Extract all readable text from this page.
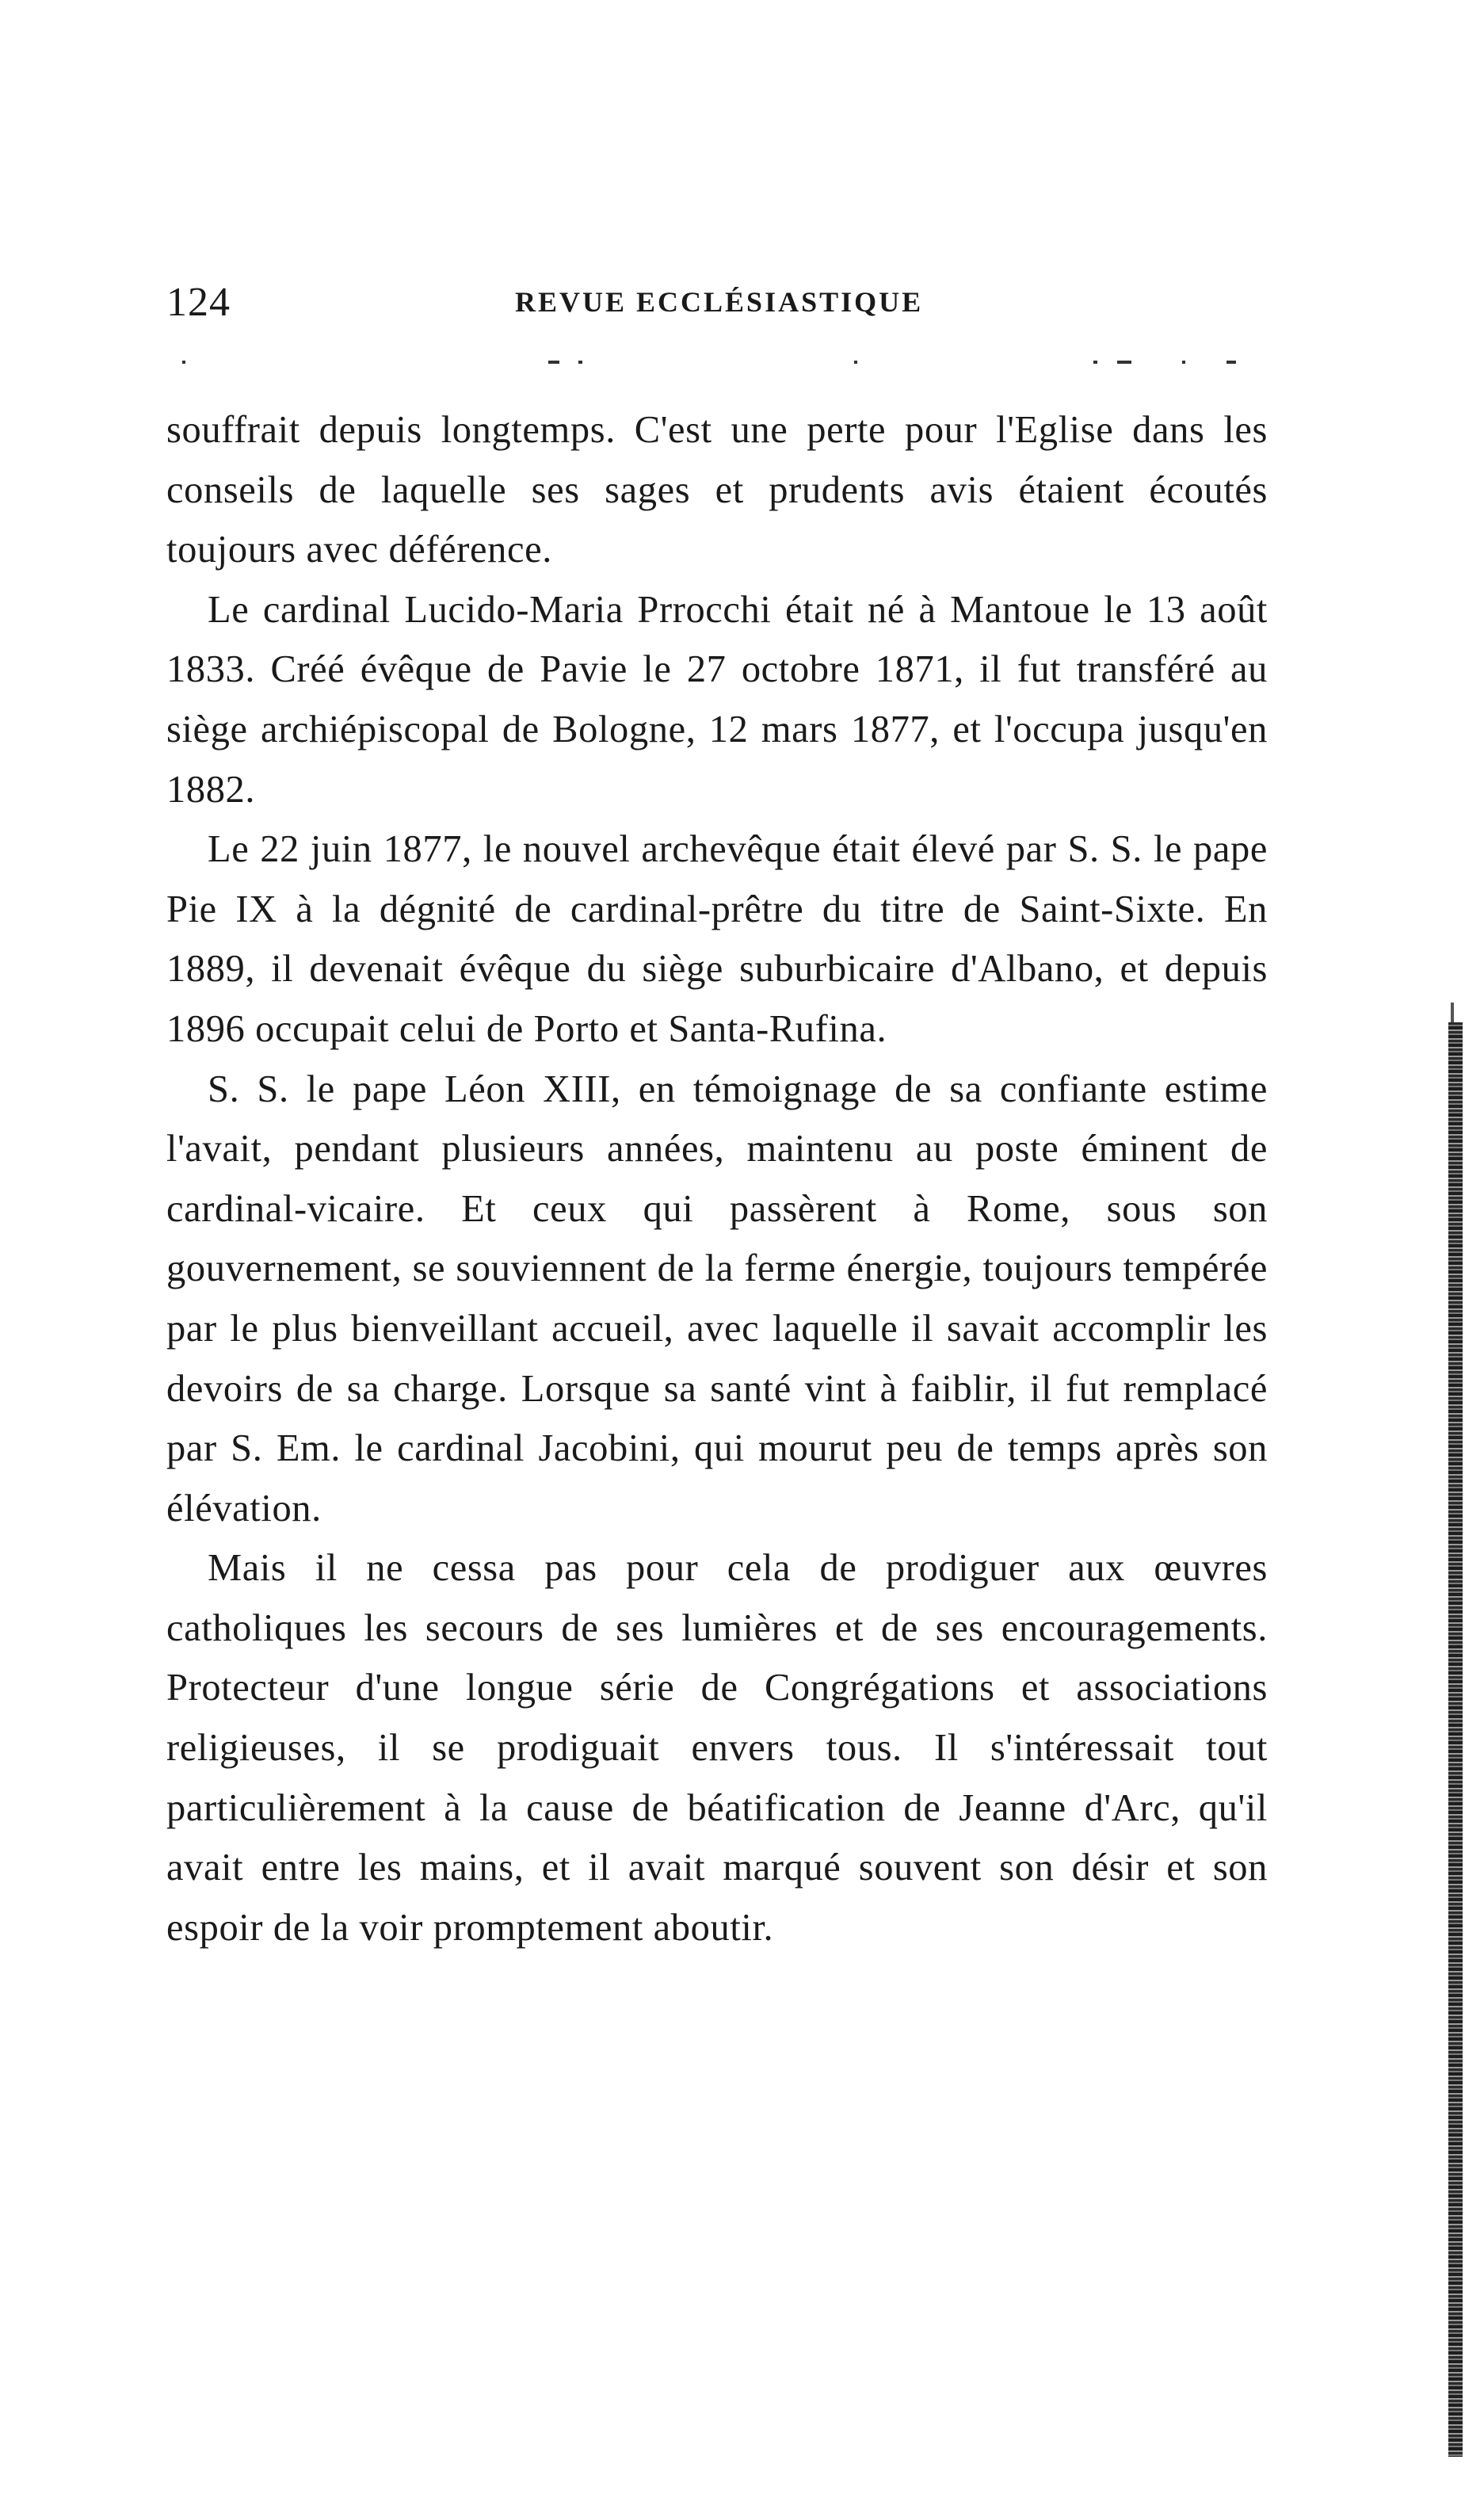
124	REVUE ECCLÉSIASTIQUE

souffrait depuis longtemps. C'est une perte pour l'Eglise dans les conseils de laquelle ses sages et prudents avis étaient écoutés toujours avec déférence.

Le cardinal Lucido-Maria Prrocchi était né à Mantoue le 13 août 1833. Créé évêque de Pavie le 27 octobre 1871, il fut transféré au siège archiépiscopal de Bologne, 12 mars 1877, et l'occupa jusqu'en 1882.

Le 22 juin 1877, le nouvel archevêque était élevé par S. S. le pape Pie IX à la dégnité de cardinal-prêtre du titre de Saint-Sixte. En 1889, il devenait évêque du siège suburbicaire d'Albano, et depuis 1896 occupait celui de Porto et Santa-Rufina.

S. S. le pape Léon XIII, en témoignage de sa confiante estime l'avait, pendant plusieurs années, maintenu au poste éminent de cardinal-vicaire. Et ceux qui passèrent à Rome, sous son gouvernement, se souviennent de la ferme énergie, toujours tempérée par le plus bienveillant accueil, avec laquelle il savait accomplir les devoirs de sa charge. Lorsque sa santé vint à faiblir, il fut remplacé par S. Em. le cardinal Jacobini, qui mourut peu de temps après son élévation.

Mais il ne cessa pas pour cela de prodiguer aux œuvres catholiques les secours de ses lumières et de ses encouragements. Protecteur d'une longue série de Congrégations et associations religieuses, il se prodiguait envers tous. Il s'intéressait tout particulièrement à la cause de béatification de Jeanne d'Arc, qu'il avait entre les mains, et il avait marqué souvent son désir et son espoir de la voir promptement aboutir.
